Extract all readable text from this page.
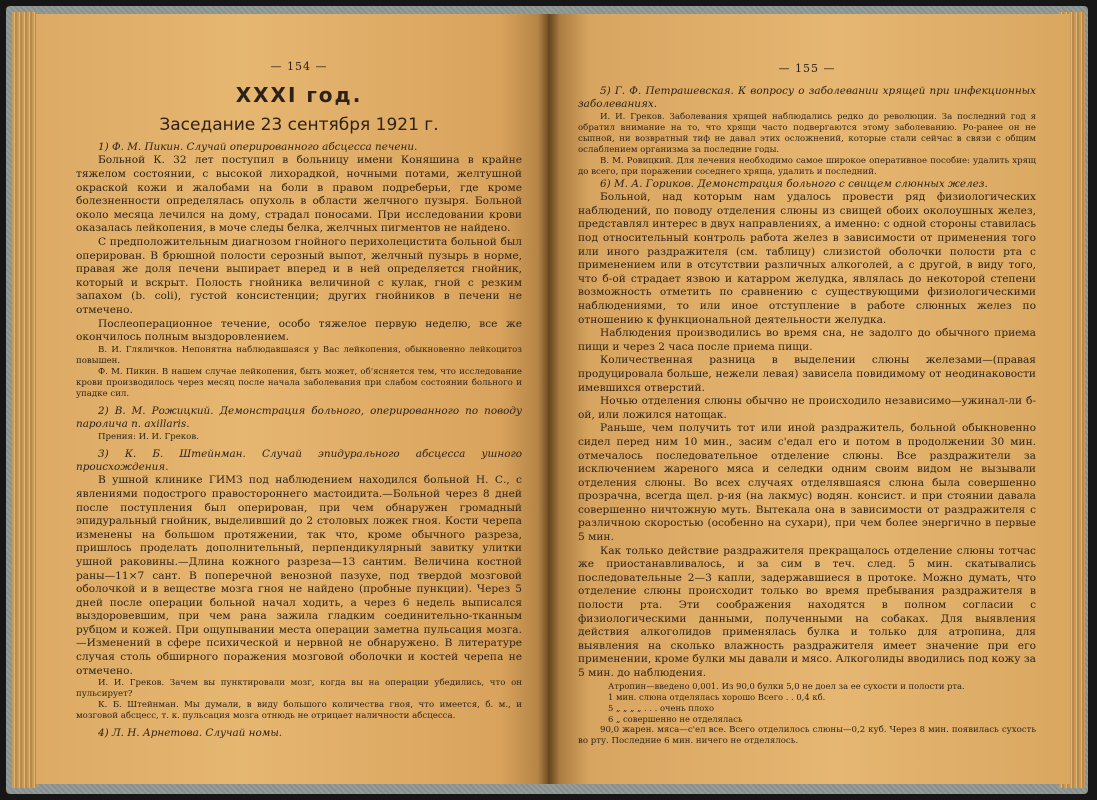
— 154 —
XXXI год.
Заседание 23 сентября 1921 г.

1) Ф. М. Пикин. Случай оперированного абсцесса печени.

Больной К. 32 лет поступил в больницу имени Коняшина в крайне тяжелом состоянии, с высокой лихорадкой, ночными потами, желтушной окраской кожи и жалобами на боли в правом подреберьи, где кроме болезненности определялась опухоль в области желчного пузыря. Больной около месяца лечился на дому, страдал поносами. При исследовании крови оказалась лейкопения, в моче следы белка, желчных пигментов не найдено.

С предположительным диагнозом гнойного перихолецистита больной был оперирован. В брюшной полости серозный выпот, желчный пузырь в норме, правая же доля печени выпирает вперед и в ней определяется гнойник, который и вскрыт. Полость гнойника величиной с кулак, гной с резким запахом (b. coli), густой консистенции; других гнойников в печени не отмечено.

Послеоперационное течение, особо тяжелое первую неделю, все же окончилось полным выздоровлением.

В. И. Гляличков. Непонятна наблюдавшаяся у Вас лейкопения, обыкновенно лейкоцитоз повышен.

Ф. М. Пикин. В нашем случае лейкопения, быть может, об'ясняется тем, что исследование крови производилось через месяц после начала заболевания при слабом состоянии больного и упадке сил.

2) В. М. Рожицкий. Демонстрация больного, оперированного по поводу паролича n. axillaris.

Прения: И. И. Греков.

3) К. Б. Штейнман. Случай эпидурального абсцесса ушного происхождения.

В ушной клинике ГИМЗ под наблюдением находился больной Н. С., с явлениями подострого правостороннего мастоидита.—Больной через 8 дней после поступления был оперирован, при чем обнаружен громадный эпидуральный гнойник, выделивший до 2 столовых ложек гноя. Кости черепа изменены на большом протяжении, так что, кроме обычного разреза, пришлось проделать дополнительный, перпендикулярный завитку улитки ушной раковины.—Длина кожного разреза—13 сантим. Величина костной раны—11×7 сант. В поперечной венозной пазухе, под твердой мозговой оболочкой и в веществе мозга гноя не найдено (пробные пункции). Через 5 дней после операции больной начал ходить, а через 6 недель выписался выздоровевшим, при чем рана зажила гладким соединительно-тканным рубцом и кожей. При ощупывании места операции заметна пульсация мозга.—Изменений в сфере психической и нервной не обнаружено. В литературе случая столь обширного поражения мозговой оболочки и костей черепа не отмечено.

И. И. Греков. Зачем вы пунктировали мозг, когда вы на операции убедились, что он пульсирует?

К. Б. Штейнман. Мы думали, в виду большого количества гноя, что имеется, б. м., и мозговой абсцесс, т. к. пульсация мозга отнюдь не отрицает наличности абсцесса.

4) Л. Н. Арнетова. Случай номы.

— 155 —

5) Г. Ф. Петрашевская. К вопросу о заболевании хрящей при инфекционных заболеваниях.

И. И. Греков. Заболевания хрящей наблюдались редко до революции. За последний год я обратил внимание на то, что хрящи часто подвергаются этому заболеванию. Ро-ранее он не сыпной, ни возвратный тиф не давал этих осложнений, которые стали сейчас в связи с общим ослаблением организма за последние годы.

В. М. Ровицкий. Для лечения необходимо самое широкое оперативное пособие: удалить хрящ до всего, при поражении соседнего хряща, удалить и последний.

6) М. А. Гориков. Демонстрация больного с свищем слюнных желез.

Больной, над которым нам удалось провести ряд физиологических наблюдений, по поводу отделения слюны из свищей обоих околоушных желез, представлял интерес в двух направлениях, а именно: с одной стороны ставилась под относительный контроль работа желез в зависимости от применения того или иного раздражителя (см. таблицу) слизистой оболочки полости рта с применением или в отсутствии различных алкоголей, а с другой, в виду того, что б-ой страдает язвою и катарром желудка, являлась до некоторой степени возможность отметить по сравнению с существующими физиологическими наблюдениями, то или иное отступление в работе слюнных желез по отношению к функциональной деятельности желудка.

Наблюдения производились во время сна, не задолго до обычного приема пищи и через 2 часа после приема пищи.

Количественная разница в выделении слюны железами—(правая продуцировала больше, нежели левая) зависела повидимому от неодинаковости имевшихся отверстий.

Ночью отделения слюны обычно не происходило независимо—ужинал-ли б-ой, или ложился натощак.

Раньше, чем получить тот или иной раздражитель, больной обыкновенно сидел перед ним 10 мин., засим с'едал его и потом в продолжении 30 мин. отмечалось последовательное отделение слюны. Все раздражители за исключением жареного мяса и селедки одним своим видом не вызывали отделения слюны. Во всех случаях отделявшаяся слюна была совершенно прозрачна, всегда щел. р-ия (на лакмус) водян. консист. и при стоянии давала совершенно ничтожную муть. Вытекала она в зависимости от раздражителя с различною скоростью (особенно на сухари), при чем более энергично в первые 5 мин.

Как только действие раздражителя прекращалось отделение слюны тотчас же приостанавливалось, и за сим в теч. след. 5 мин. скатывались последовательные 2—3 капли, задержавшиеся в протоке. Можно думать, что отделение слюны происходит только во время пребывания раздражителя в полости рта. Эти соображения находятся в полном согласии с физиологическими данными, полученными на собаках. Для выявления действия алкоголидов применялась булка и только для атропина, для выявления на сколько влажность раздражителя имеет значение при его применении, кроме булки мы давали и мясо. Алкоголиды вводились под кожу за 5 мин. до наблюдения.

Атропин—введено 0,001. Из 90,0 булки 5,0 не доел за ее сухости и полости рта.
1 мин. слюна отделялась хорошо Всего . . 0,4 кб.
5 „ „ „ „ . . . очень плохо
6 „ совершенно не отделялась

90,0 жарен. мяса—с'ел все. Всего отделилось слюны—0,2 куб. Через 8 мин. появилась сухость во рту. Последние 6 мин. ничего не отделялось.
